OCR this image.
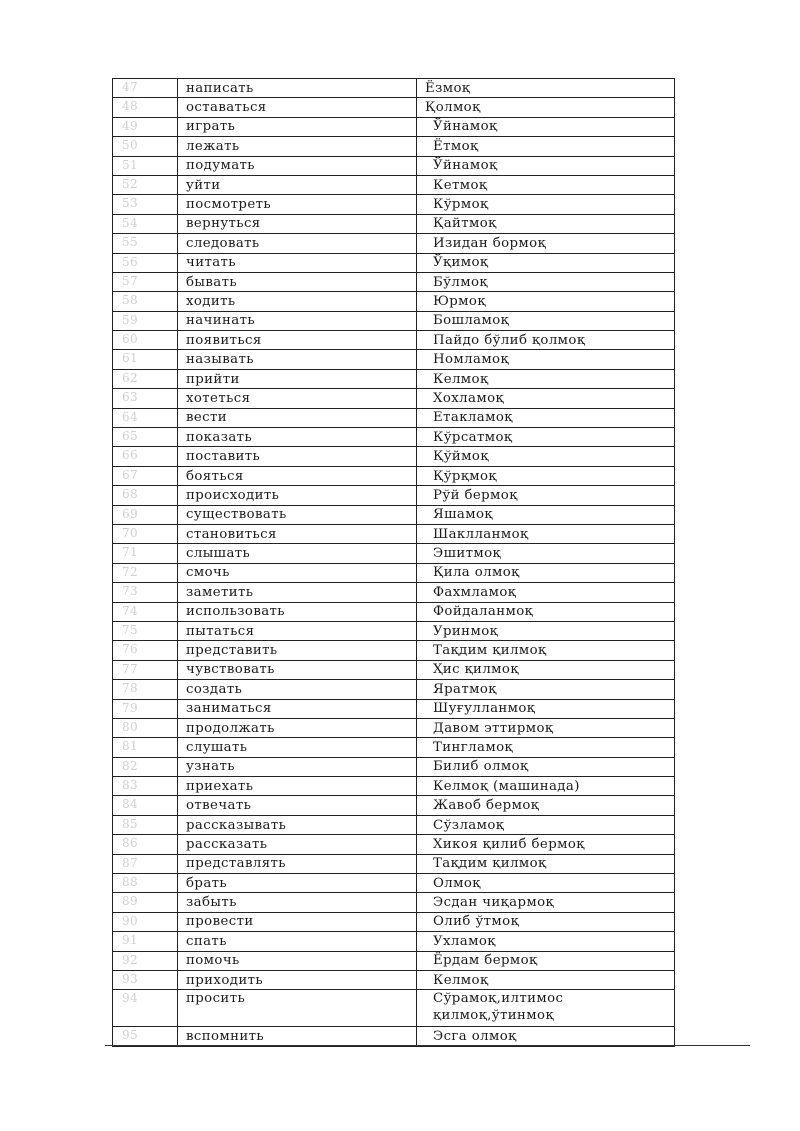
47	написать	Ёзмоқ
48	оставаться	Қолмоқ
49	играть	Ўйнамоқ
50	лежать	Ётмоқ
51	подумать	Ўйнамоқ
52	уйти	Кетмоқ
53	посмотреть	Кўрмоқ
54	вернуться	Қайтмоқ
55	следовать	Изидан бормоқ
56	читать	Ўқимоқ
57	бывать	Бўлмоқ
58	ходить	Юрмоқ
59	начинать	Бошламоқ
60	появиться	Пайдо бўлиб қолмоқ
61	называть	Номламоқ
62	прийти	Келмоқ
63	хотеться	Хохламоқ
64	вести	Етакламоқ
65	показать	Кўрсатмоқ
66	поставить	Қўймоқ
67	бояться	Қўрқмоқ
68	происходить	Рўй бермоқ
69	существовать	Яшамоқ
70	становиться	Шаклланмоқ
71	слышать	Эшитмоқ
72	смочь	Қила олмоқ
73	заметить	Фахмламоқ
74	использовать	Фойдаланмоқ
75	пытаться	Уринмоқ
76	представить	Тақдим қилмоқ
77	чувствовать	Ҳис қилмоқ
78	создать	Яратмоқ
79	заниматься	Шуғулланмоқ
80	продолжать	Давом эттирмоқ
81	слушать	Тингламоқ
82	узнать	Билиб олмоқ
83	приехать	Келмоқ (машинада)
84	отвечать	Жавоб бермоқ
85	рассказывать	Сўзламоқ
86	рассказать	Хикоя қилиб бермоқ
87	представлять	Тақдим қилмоқ
88	брать	Олмоқ
89	забыть	Эсдан чиқармоқ
90	провести	Олиб ўтмоқ
91	спать	Ухламоқ
92	помочь	Ёрдам бермоқ
93	приходить	Келмоқ
94	просить	Сўрамоқ,илтимос қилмоқ,ўтинмоқ
95	вспомнить	Эсга олмоқ
